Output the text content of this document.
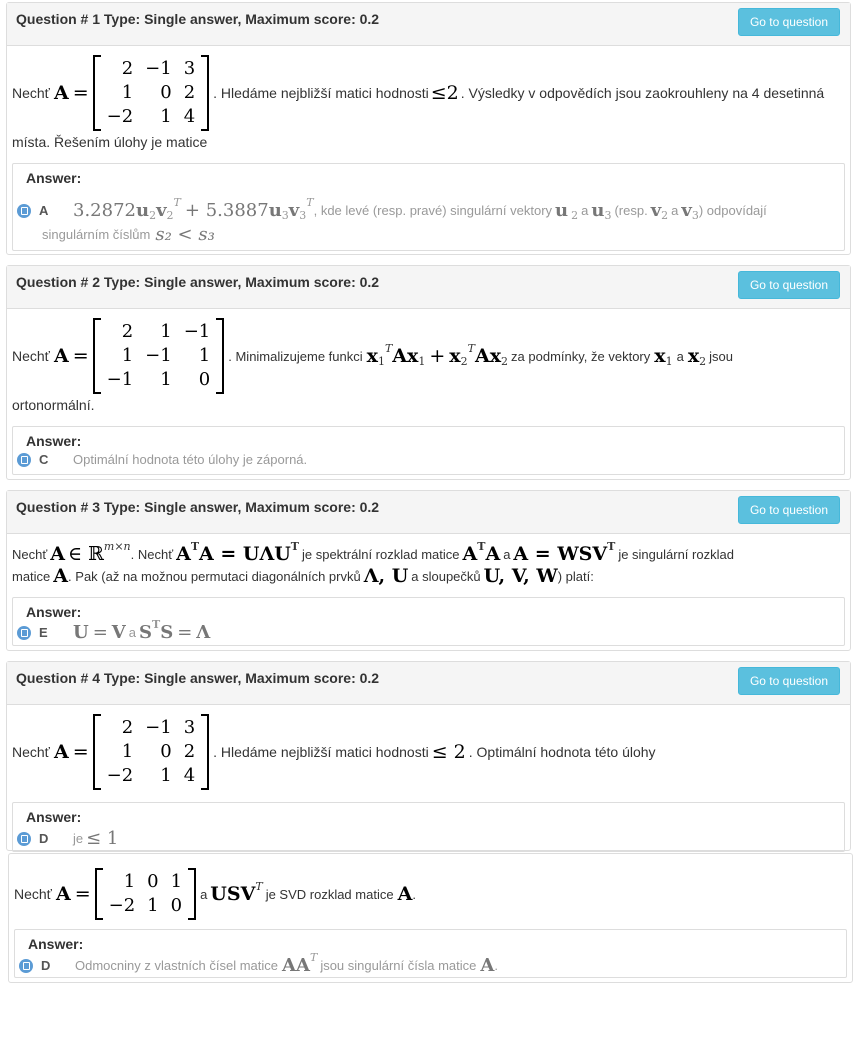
Question # 1 Type: Single answer, Maximum score: 0.2	Go to question
Nechť A =
2 −1 3
1	0 2
−2	1 4
. Hledáme nejbližší matici hodnosti ≤2 . Výsledky v odpovědích jsou zaokrouhleny na 4 desetinná
místa. Řešením úlohy je matice
Answer:
A	3.2872 u 2 v 2
T + 5.3887 u 3 v 3
T
, kde levé (resp. pravé) singulární vektory u 2 a u 3 (resp. v 2 a v 3 ) odpovídají
singulárním číslům s₂ < s₃
Question # 2 Type: Single answer, Maximum score: 0.2	Go to question
Nechť A =
2	1 −1
1 −1	1
−1	1	0
. Minimalizujeme funkci x 1
T Ax 1 + x 2
T Ax 2 za podmínky, že vektory x 1 a x 2 jsou
ortonormální.
Answer:
C	Optimální hodnota této úlohy je záporná.
Question # 3 Type: Single answer, Maximum score: 0.2	Go to question
Nechť A ∈ ℝ m×n
. Nechť A T A = UΛU T
je spektrální rozklad matice A T A a A = WSV T
je singulární rozklad
matice A . Pak (až na možnou permutaci diagonálních prvků Λ, U a sloupečků U, V, W ) platí:
Answer:
E	U = V a S T S = Λ
Question # 4 Type: Single answer, Maximum score: 0.2	Go to question
Nechť A =
2 −1 3
1	0 2
−2	1 4
. Hledáme nejbližší matici hodnosti ≤ 2 . Optimální hodnota této úlohy
Answer:
D	je ≤ 1
Nechť A =
1 0 1
−2 1 0
a USV T
je SVD rozklad matice A .
Answer:
D	Odmocniny z vlastních čísel matice AA T
jsou singulární čísla matice A .
